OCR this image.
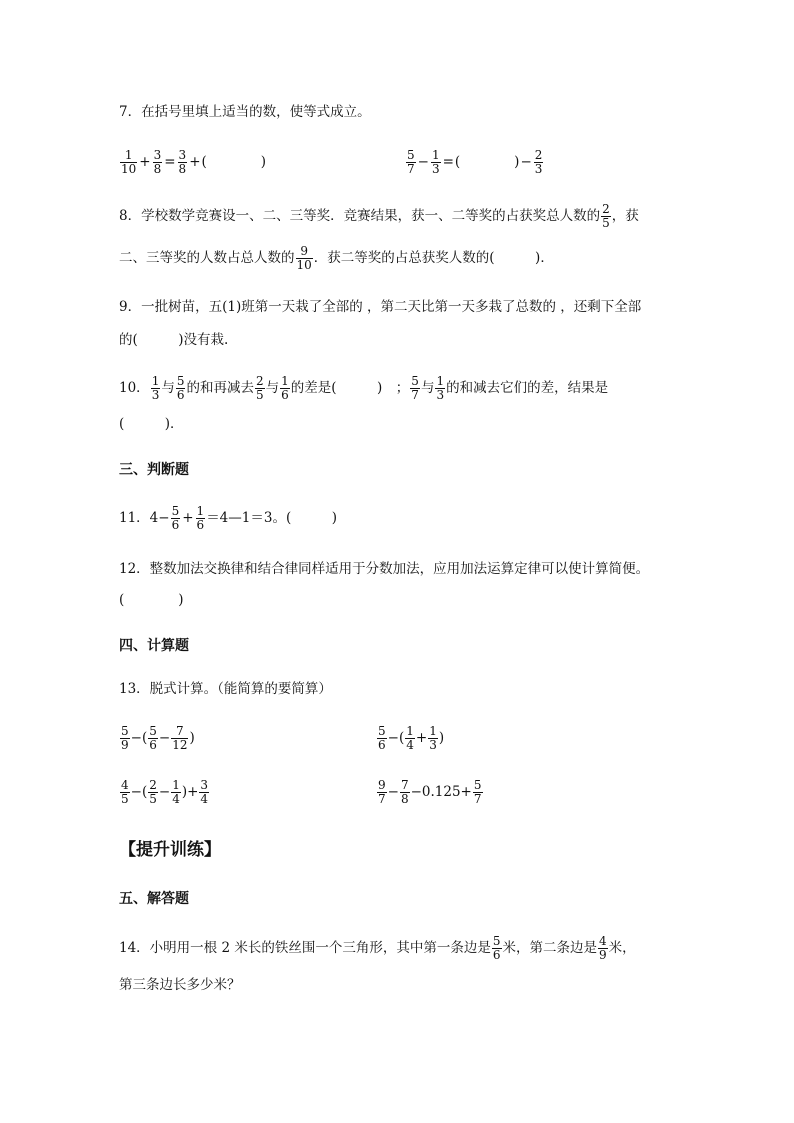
7．在括号里填上适当的数，使等式成立。
$\frac{1}{10} + \frac{3}{8} = \frac{3}{8}$ + (    )	$\frac{5}{7} - \frac{1}{3}$ = (    ) − $\frac{2}{3}$
8．学校数学竞赛设一、二、三等奖．竞赛结果，获一、二等奖的占获奖总人数的 $\frac{2}{5}$ ，获
二、三等奖的人数占总人数的 $\frac{9}{10}$ ．获二等奖的占总获奖人数的(   )．
9．一批树苗，五(1)班第一天栽了全部的 ，第二天比第一天多栽了总数的 ，还剩下全部
的(   )没有栽.
10． $\frac{1}{3}$ 与 $\frac{5}{6}$ 的和再减去 $\frac{2}{5}$ 与 $\frac{1}{6}$ 的差是(   ) ； $\frac{5}{7}$ 与 $\frac{1}{3}$ 的和减去它们的差，结果是
(   )．
三、判断题
11．$4- \frac{5}{6} + \frac{1}{6}$ ＝4—1＝3。(   )
12．整数加法交换律和结合律同样适用于分数加法，应用加法运算定律可以使计算简便。
(    )
四、计算题
13．脱式计算。（能简算的要简算）
$\frac{5}{9}$ −( $\frac{5}{6} - \frac{7}{12}$ )	$\frac{5}{6}$ −( $\frac{1}{4} + \frac{1}{3}$ )
$\frac{4}{5}$ −( $\frac{2}{5} - \frac{1}{4}$ )+ $\frac{3}{4}$	$\frac{9}{7} - \frac{7}{8} -0.125+ \frac{5}{7}$
【提升训练】
五、解答题
14．小明用一根 2 米长的铁丝围一个三角形，其中第一条边是 $\frac{5}{6}$ 米，第二条边是 $\frac{4}{9}$ 米，
第三条边长多少米？
